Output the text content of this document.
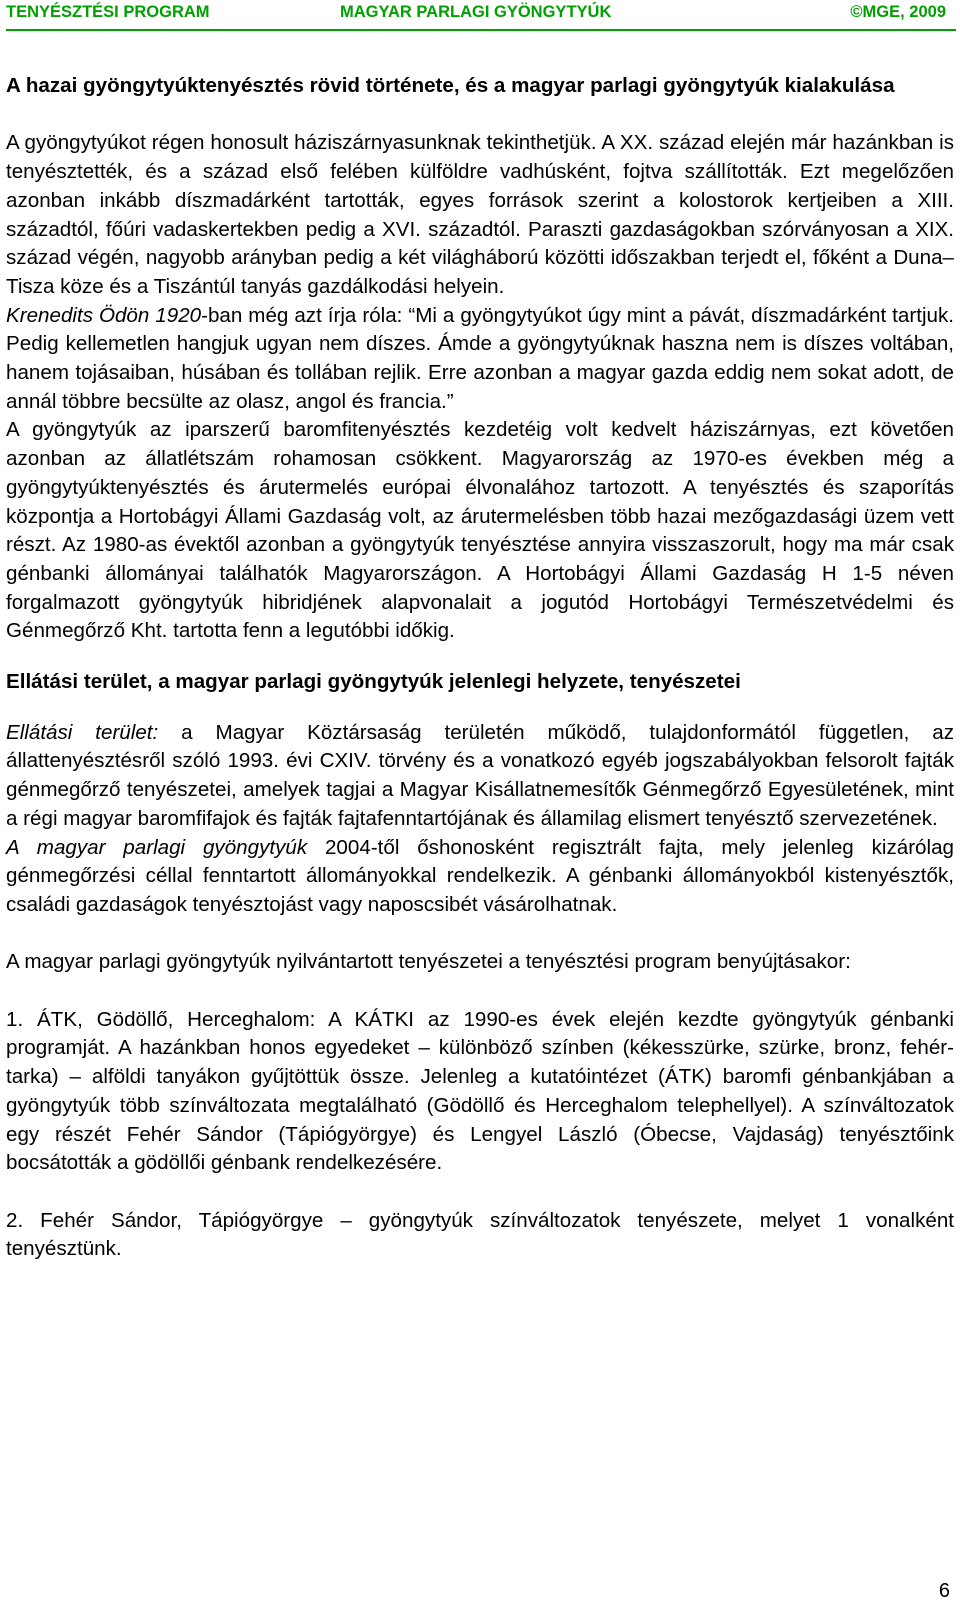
TENYÉSZTÉSI PROGRAM	MAGYAR PARLAGI GYÖNGYTYÚK	©MGE, 2009
A hazai gyöngytyúktenyésztés rövid története, és a magyar parlagi gyöngytyúk kialakulása

A gyöngytyúkot régen honosult háziszárnyasunknak tekinthetjük. A XX. század elején már hazánkban is tenyésztették, és a század első felében külföldre vadhúsként, fojtva szállították. Ezt megelőzően azonban inkább díszmadárként tartották, egyes források szerint a kolostorok kertjeiben a XIII. századtól, főúri vadaskertekben pedig a XVI. századtól. Paraszti gazdaságokban szórványosan a XIX. század végén, nagyobb arányban pedig a két világháború közötti időszakban terjedt el, főként a Duna–Tisza köze és a Tiszántúl tanyás gazdálkodási helyein.

Krenedits Ödön 1920-ban még azt írja róla: “Mi a gyöngytyúkot úgy mint a pávát, díszmadárként tartjuk. Pedig kellemetlen hangjuk ugyan nem díszes. Ámde a gyöngytyúknak haszna nem is díszes voltában, hanem tojásaiban, húsában és tollában rejlik. Erre azonban a magyar gazda eddig nem sokat adott, de annál többre becsülte az olasz, angol és francia.”

A gyöngytyúk az iparszerű baromfitenyésztés kezdetéig volt kedvelt háziszárnyas, ezt követően azonban az állatlétszám rohamosan csökkent. Magyarország az 1970-es években még a gyöngytyúktenyésztés és árutermelés európai élvonalához tartozott. A tenyésztés és szaporítás központja a Hortobágyi Állami Gazdaság volt, az árutermelésben több hazai mezőgazdasági üzem vett részt. Az 1980-as évektől azonban a gyöngytyúk tenyésztése annyira visszaszorult, hogy ma már csak génbanki állományai találhatók Magyarországon. A Hortobágyi Állami Gazdaság H 1-5 néven forgalmazott gyöngytyúk hibridjének alapvonalait a jogutód Hortobágyi Természetvédelmi és Génmegőrző Kht. tartotta fenn a legutóbbi időkig.

Ellátási terület, a magyar parlagi gyöngytyúk jelenlegi helyzete, tenyészetei

Ellátási terület: a Magyar Köztársaság területén működő, tulajdonformától független, az állattenyésztésről szóló 1993. évi CXIV. törvény és a vonatkozó egyéb jogszabályokban felsorolt fajták génmegőrző tenyészetei, amelyek tagjai a Magyar Kisállatnemesítők Génmegőrző Egyesületének, mint a régi magyar baromfifajok és fajták fajtafenntartójának és államilag elismert tenyésztő szervezetének.

A magyar parlagi gyöngytyúk 2004-től őshonosként regisztrált fajta, mely jelenleg kizárólag génmegőrzési céllal fenntartott állományokkal rendelkezik. A génbanki állományokból kistenyésztők, családi gazdaságok tenyésztojást vagy naposcsibét vásárolhatnak.

A magyar parlagi gyöngytyúk nyilvántartott tenyészetei a tenyésztési program benyújtásakor:

1. ÁTK, Gödöllő, Herceghalom: A KÁTKI az 1990-es évek elején kezdte gyöngytyúk génbanki programját. A hazánkban honos egyedeket – különböző színben (kékesszürke, szürke, bronz, fehér-tarka) – alföldi tanyákon gyűjtöttük össze. Jelenleg a kutatóintézet (ÁTK) baromfi génbankjában a gyöngytyúk több színváltozata megtalálható (Gödöllő és Herceghalom telephellyel). A színváltozatok egy részét Fehér Sándor (Tápiógyörgye) és Lengyel László (Óbecse, Vajdaság) tenyésztőink bocsátották a gödöllői génbank rendelkezésére.

2. Fehér Sándor, Tápiógyörgye – gyöngytyúk színváltozatok tenyészete, melyet 1 vonalként tenyésztünk.

6
